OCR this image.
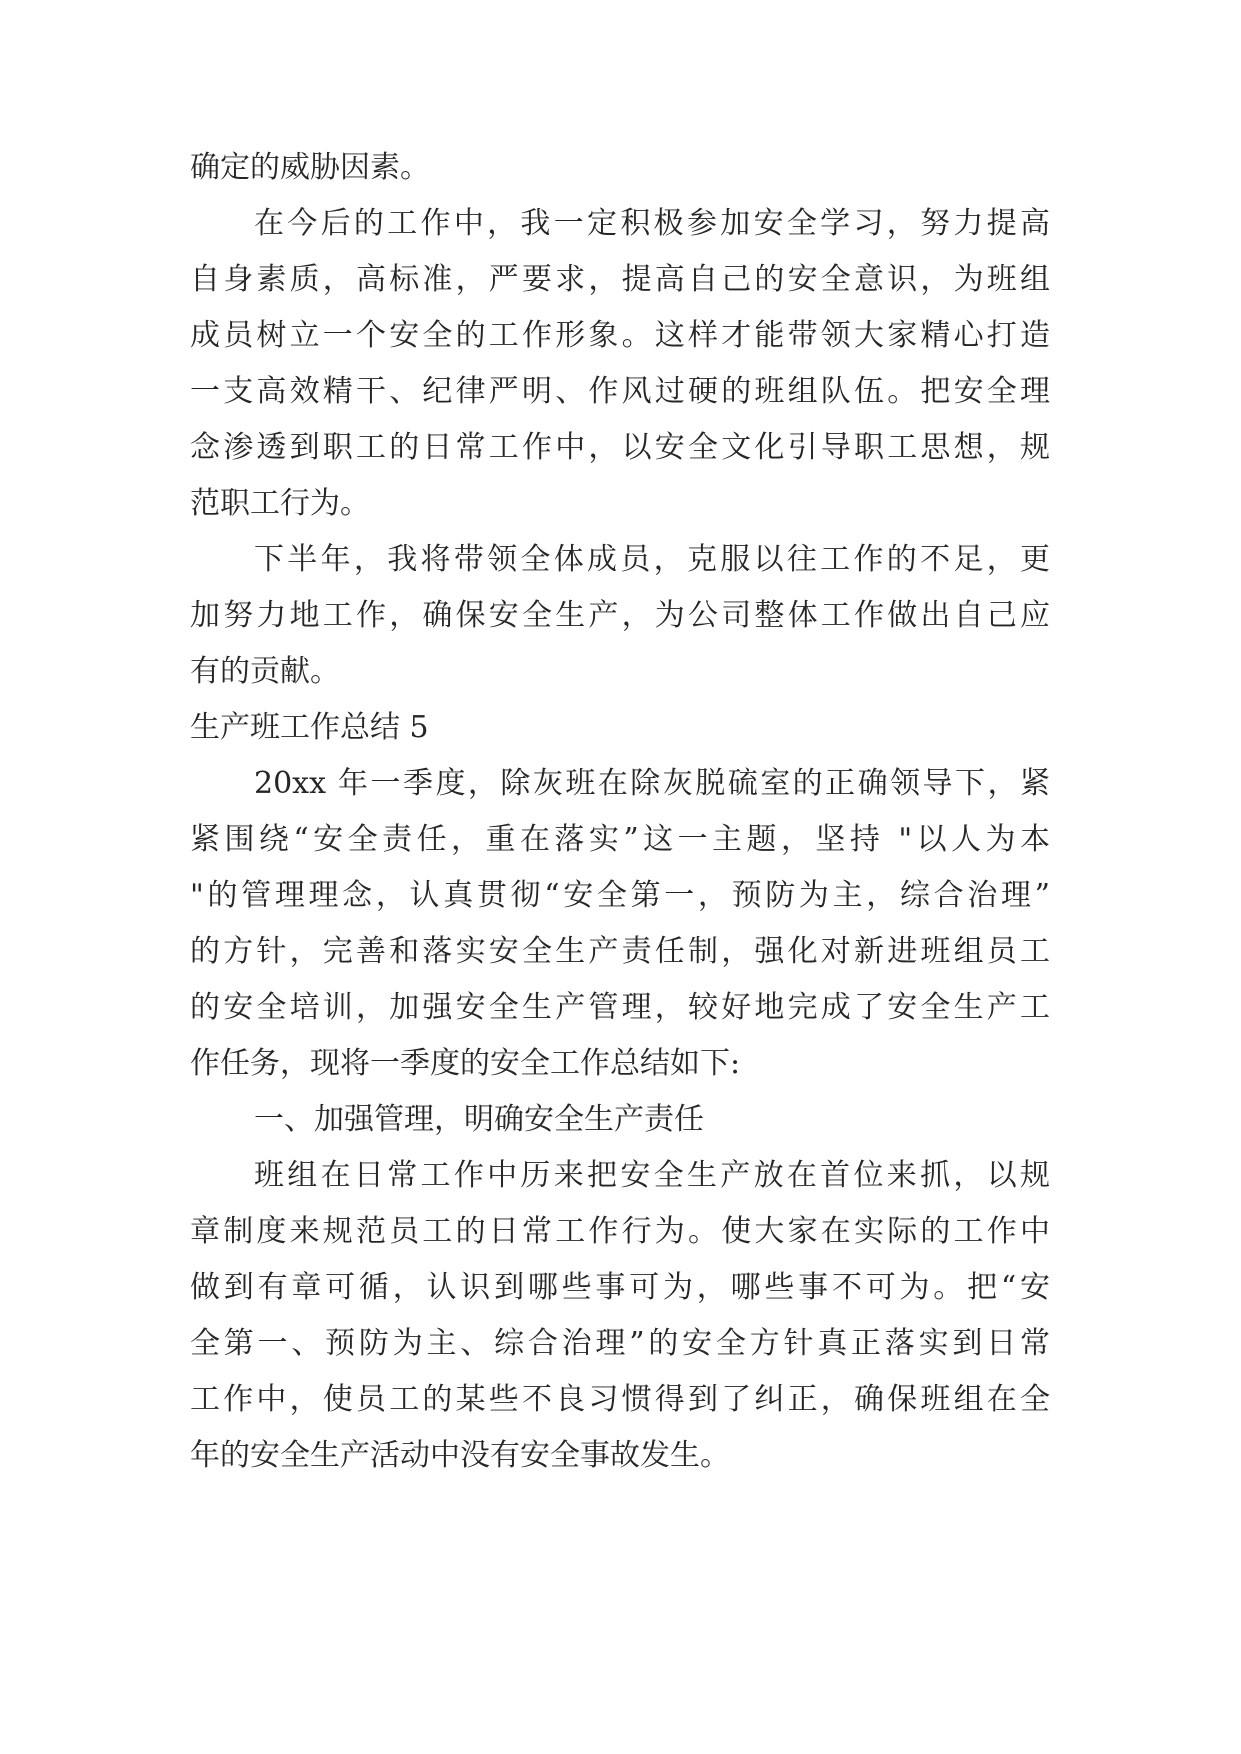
确定的威胁因素。
在今后的工作中，我一定积极参加安全学习，努力提高
自身素质，高标准，严要求，提高自己的安全意识，为班组
成员树立一个安全的工作形象。这样才能带领大家精心打造
一支高效精干、纪律严明、作风过硬的班组队伍。把安全理
念渗透到职工的日常工作中，以安全文化引导职工思想，规
范职工行为。
下半年，我将带领全体成员，克服以往工作的不足，更
加努力地工作，确保安全生产，为公司整体工作做出自己应
有的贡献。
生产班工作总结 5
20xx 年一季度，除灰班在除灰脱硫室的正确领导下，紧
紧围绕“安全责任，重在落实”这一主题，坚持 "以人为本
"的管理理念，认真贯彻“安全第一，预防为主，综合治理”
的方针，完善和落实安全生产责任制，强化对新进班组员工
的安全培训，加强安全生产管理，较好地完成了安全生产工
作任务，现将一季度的安全工作总结如下:
一、加强管理，明确安全生产责任
班组在日常工作中历来把安全生产放在首位来抓，以规
章制度来规范员工的日常工作行为。使大家在实际的工作中
做到有章可循，认识到哪些事可为，哪些事不可为。把“安
全第一、预防为主、综合治理”的安全方针真正落实到日常
工作中，使员工的某些不良习惯得到了纠正，确保班组在全
年的安全生产活动中没有安全事故发生。
